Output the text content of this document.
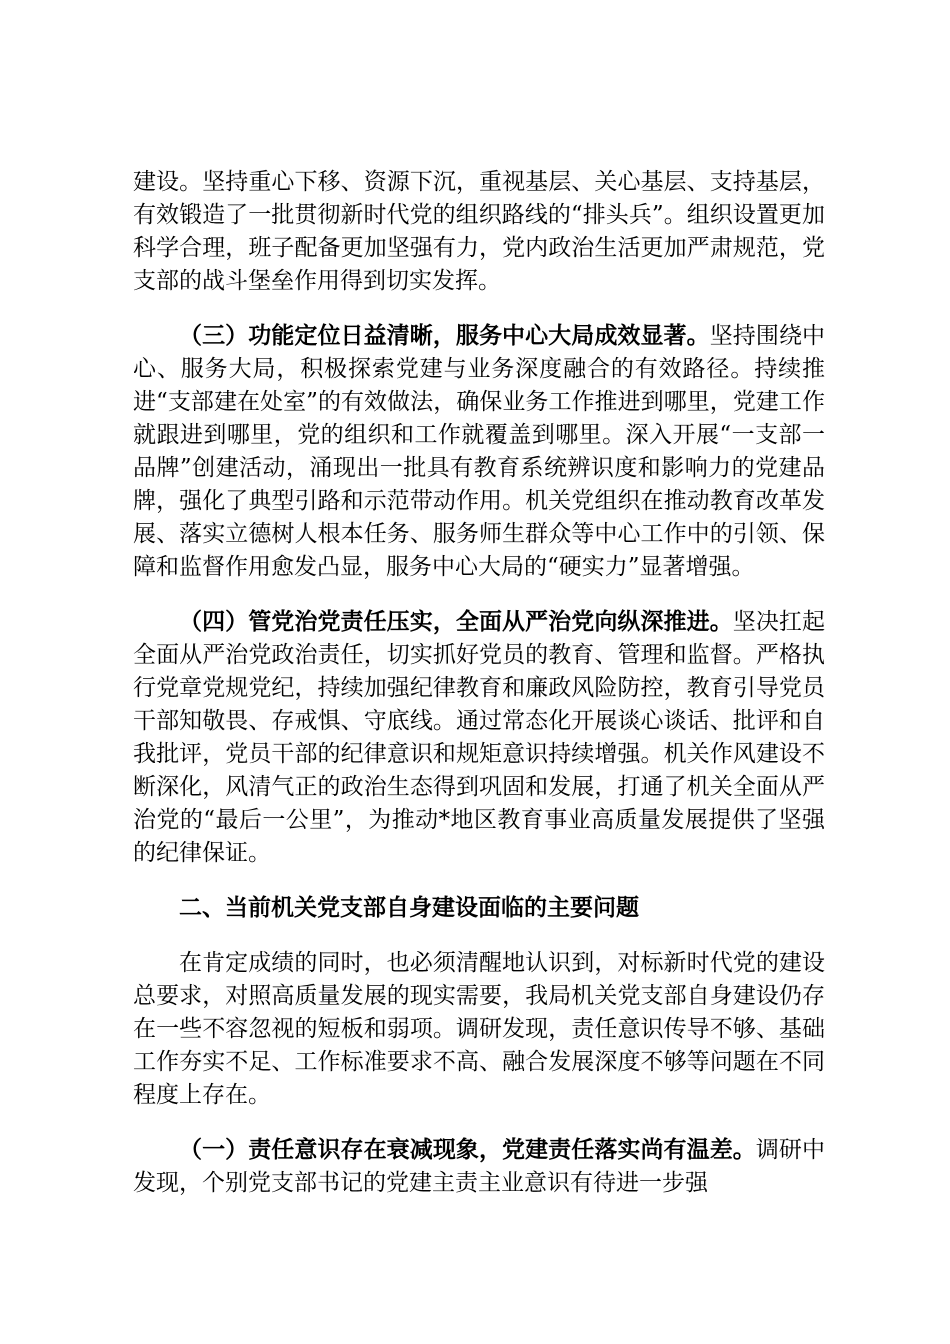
建设。坚持重心下移、资源下沉，重视基层、关心基层、支持基层，有效锻造了一批贯彻新时代党的组织路线的“排头兵”。组织设置更加科学合理，班子配备更加坚强有力，党内政治生活更加严肃规范，党支部的战斗堡垒作用得到切实发挥。

（三）功能定位日益清晰，服务中心大局成效显著。坚持围绕中心、服务大局，积极探索党建与业务深度融合的有效路径。持续推进“支部建在处室”的有效做法，确保业务工作推进到哪里，党建工作就跟进到哪里，党的组织和工作就覆盖到哪里。深入开展“一支部一品牌”创建活动，涌现出一批具有教育系统辨识度和影响力的党建品牌，强化了典型引路和示范带动作用。机关党组织在推动教育改革发展、落实立德树人根本任务、服务师生群众等中心工作中的引领、保障和监督作用愈发凸显，服务中心大局的“硬实力”显著增强。

（四）管党治党责任压实，全面从严治党向纵深推进。坚决扛起全面从严治党政治责任，切实抓好党员的教育、管理和监督。严格执行党章党规党纪，持续加强纪律教育和廉政风险防控，教育引导党员干部知敬畏、存戒惧、守底线。通过常态化开展谈心谈话、批评和自我批评，党员干部的纪律意识和规矩意识持续增强。机关作风建设不断深化，风清气正的政治生态得到巩固和发展，打通了机关全面从严治党的“最后一公里”，为推动*地区教育事业高质量发展提供了坚强的纪律保证。

二、当前机关党支部自身建设面临的主要问题

在肯定成绩的同时，也必须清醒地认识到，对标新时代党的建设总要求，对照高质量发展的现实需要，我局机关党支部自身建设仍存在一些不容忽视的短板和弱项。调研发现，责任意识传导不够、基础工作夯实不足、工作标准要求不高、融合发展深度不够等问题在不同程度上存在。

（一）责任意识存在衰减现象，党建责任落实尚有温差。调研中发现，个别党支部书记的党建主责主业意识有待进一步强
